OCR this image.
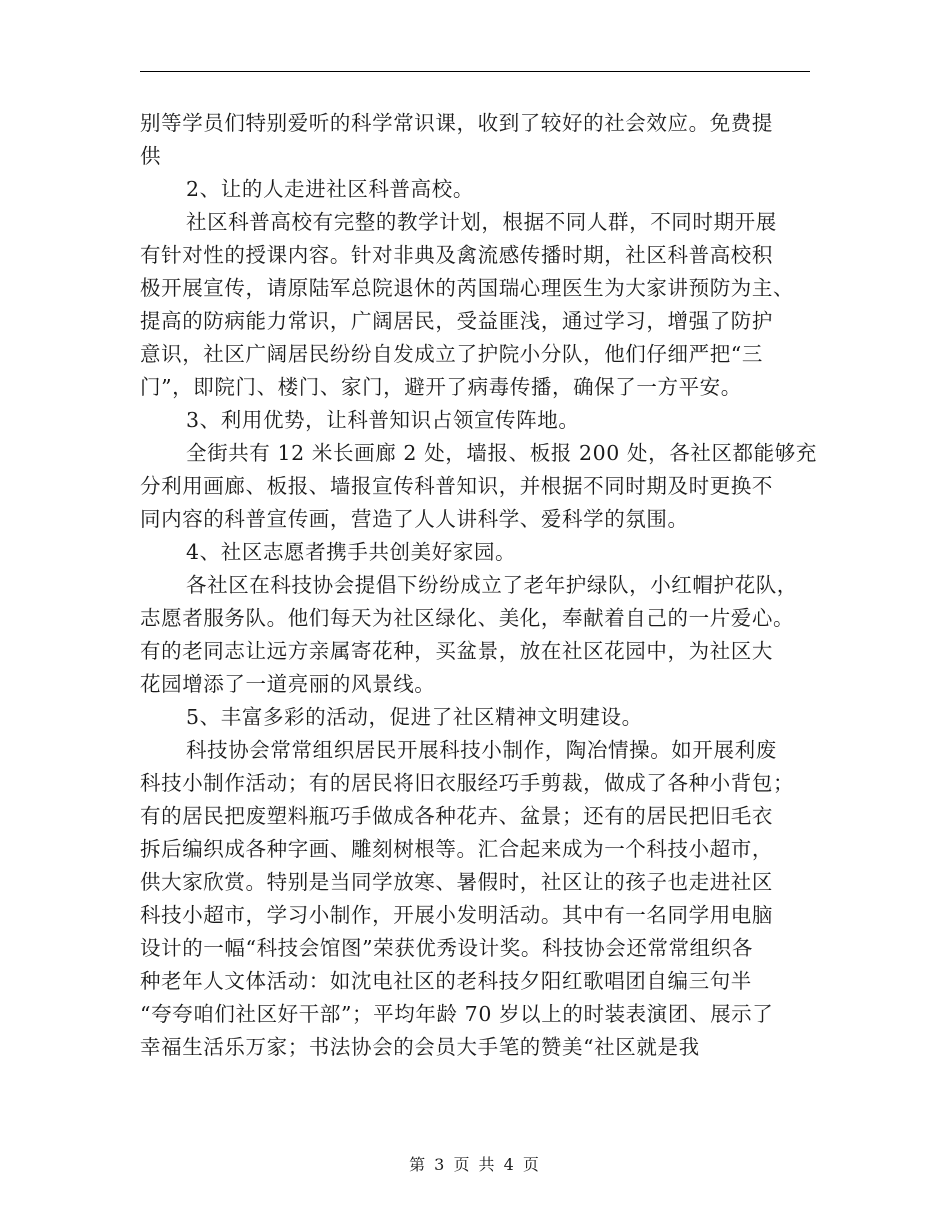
别等学员们特别爱听的科学常识课，收到了较好的社会效应。免费提
供
2、让的人走进社区科普高校。
社区科普高校有完整的教学计划，根据不同人群，不同时期开展
有针对性的授课内容。针对非典及禽流感传播时期，社区科普高校积
极开展宣传，请原陆军总院退休的芮国瑞心理医生为大家讲预防为主、
提高的防病能力常识，广阔居民，受益匪浅，通过学习，增强了防护
意识，社区广阔居民纷纷自发成立了护院小分队，他们仔细严把“三
门”，即院门、楼门、家门，避开了病毒传播，确保了一方平安。
3、利用优势，让科普知识占领宣传阵地。
全街共有 12 米长画廊 2 处，墙报、板报 200 处，各社区都能够充
分利用画廊、板报、墙报宣传科普知识，并根据不同时期及时更换不
同内容的科普宣传画，营造了人人讲科学、爱科学的氛围。
4、社区志愿者携手共创美好家园。
各社区在科技协会提倡下纷纷成立了老年护绿队，小红帽护花队，
志愿者服务队。他们每天为社区绿化、美化，奉献着自己的一片爱心。
有的老同志让远方亲属寄花种，买盆景，放在社区花园中，为社区大
花园增添了一道亮丽的风景线。
5、丰富多彩的活动，促进了社区精神文明建设。
科技协会常常组织居民开展科技小制作，陶冶情操。如开展利废
科技小制作活动；有的居民将旧衣服经巧手剪裁，做成了各种小背包；
有的居民把废塑料瓶巧手做成各种花卉、盆景；还有的居民把旧毛衣
拆后编织成各种字画、雕刻树根等。汇合起来成为一个科技小超市，
供大家欣赏。特别是当同学放寒、暑假时，社区让的孩子也走进社区
科技小超市，学习小制作，开展小发明活动。其中有一名同学用电脑
设计的一幅“科技会馆图”荣获优秀设计奖。科技协会还常常组织各
种老年人文体活动：如沈电社区的老科技夕阳红歌唱团自编三句半
“夸夸咱们社区好干部”；平均年龄 70 岁以上的时装表演团、展示了
幸福生活乐万家；书法协会的会员大手笔的赞美“社区就是我
第 3 页 共 4 页
